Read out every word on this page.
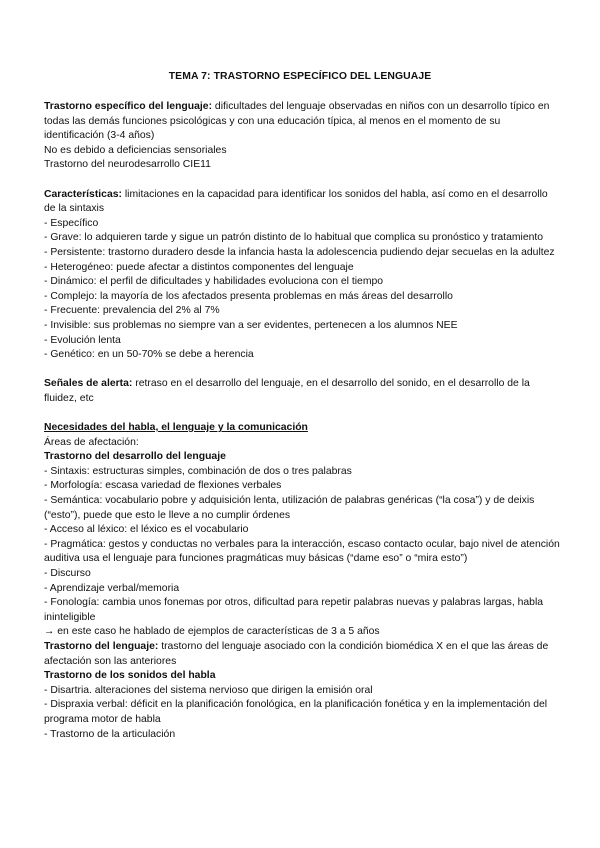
TEMA 7: TRASTORNO ESPECÍFICO DEL LENGUAJE

Trastorno específico del lenguaje: dificultades del lenguaje observadas en niños con un desarrollo típico en todas las demás funciones psicológicas y con una educación típica, al menos en el momento de su identificación (3-4 años)

No es debido a deficiencias sensoriales

Trastorno del neurodesarrollo CIE11

Características: limitaciones en la capacidad para identificar los sonidos del habla, así como en el desarrollo de la sintaxis

- Específico

- Grave: lo adquieren tarde y sigue un patrón distinto de lo habitual que complica su pronóstico y tratamiento

- Persistente: trastorno duradero desde la infancia hasta la adolescencia pudiendo dejar secuelas en la adultez

- Heterogéneo: puede afectar a distintos componentes del lenguaje

- Dinámico: el perfil de dificultades y habilidades evoluciona con el tiempo

- Complejo: la mayoría de los afectados presenta problemas en más áreas del desarrollo

- Frecuente: prevalencia del 2% al 7%

- Invisible: sus problemas no siempre van a ser evidentes, pertenecen a los alumnos NEE

- Evolución lenta

- Genético: en un 50-70% se debe a herencia

Señales de alerta: retraso en el desarrollo del lenguaje, en el desarrollo del sonido, en el desarrollo de la fluidez, etc

Necesidades del habla, el lenguaje y la comunicación

Áreas de afectación:

Trastorno del desarrollo del lenguaje

- Sintaxis: estructuras simples, combinación de dos o tres palabras

- Morfología: escasa variedad de flexiones verbales

- Semántica: vocabulario pobre y adquisición lenta, utilización de palabras genéricas (“la cosa”) y de deixis (“esto”), puede que esto le lleve a no cumplir órdenes

- Acceso al léxico: el léxico es el vocabulario

- Pragmática: gestos y conductas no verbales para la interacción, escaso contacto ocular, bajo nivel de atención auditiva usa el lenguaje para funciones pragmáticas muy básicas (“dame eso” o “mira esto”)

- Discurso

- Aprendizaje verbal/memoria

- Fonología: cambia unos fonemas por otros, dificultad para repetir palabras nuevas y palabras largas, habla ininteligible

→ en este caso he hablado de ejemplos de características de 3 a 5 años

Trastorno del lenguaje: trastorno del lenguaje asociado con la condición biomédica X en el que las áreas de afectación son las anteriores

Trastorno de los sonidos del habla

- Disartria. alteraciones del sistema nervioso que dirigen la emisión oral

- Dispraxia verbal: déficit en la planificación fonológica, en la planificación fonética y en la implementación del programa motor de habla

- Trastorno de la articulación
